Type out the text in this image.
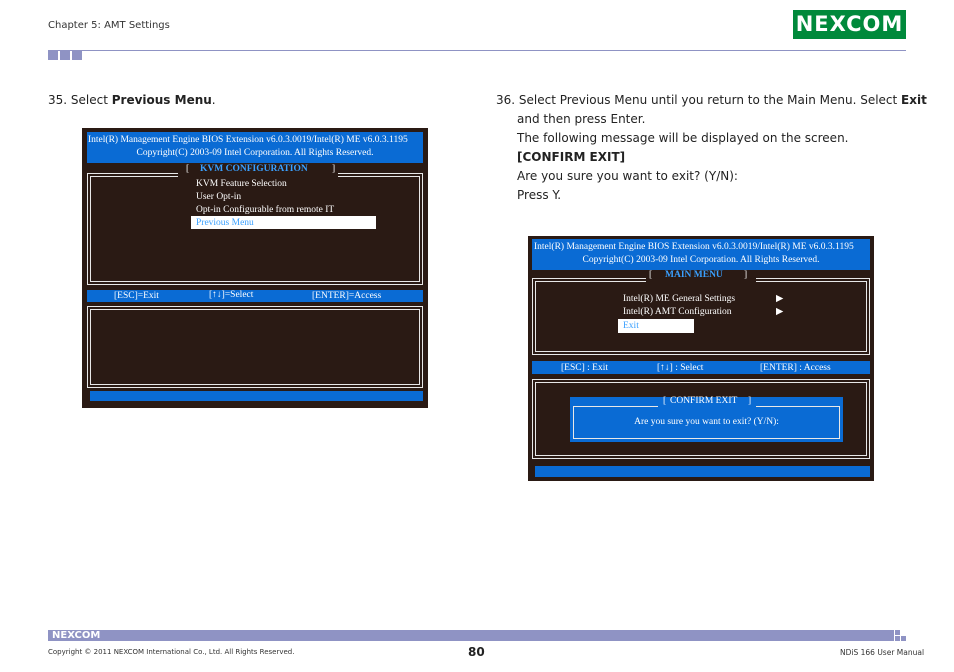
Chapter 5: AMT Settings	NEXCOM
35. Select Previous Menu.
Intel(R) Management Engine BIOS Extension v6.0.3.0019/Intel(R) ME v6.0.3.1195
Copyright(C) 2003-09 Intel Corporation. All Rights Reserved.
[ KVM CONFIGURATION	]
KVM Feature Selection
User Opt-in
Opt-in Configurable from remote IT
Previous Menu
[ESC]=Exit	[↑↓]=Select	[ENTER]=Access
36. Select Previous Menu until you return to the Main Menu. Select Exit
and then press Enter.
The following message will be displayed on the screen.
[CONFIRM EXIT]
Are you sure you want to exit? (Y/N):
Press Y.
Intel(R) Management Engine BIOS Extension v6.0.3.0019/Intel(R) ME v6.0.3.1195
Copyright(C) 2003-09 Intel Corporation. All Rights Reserved.
[ MAIN MENU ]
Intel(R) ME General Settings	▶
Intel(R) AMT Configuration	▶
Exit
[ESC] : Exit	[↑↓] : Select	[ENTER] : Access
[ CONFIRM EXIT ]
Are you sure you want to exit? (Y/N):
NEXCOM
Copyright © 2011 NEXCOM International Co., Ltd. All Rights Reserved.	80	NDiS 166 User Manual
